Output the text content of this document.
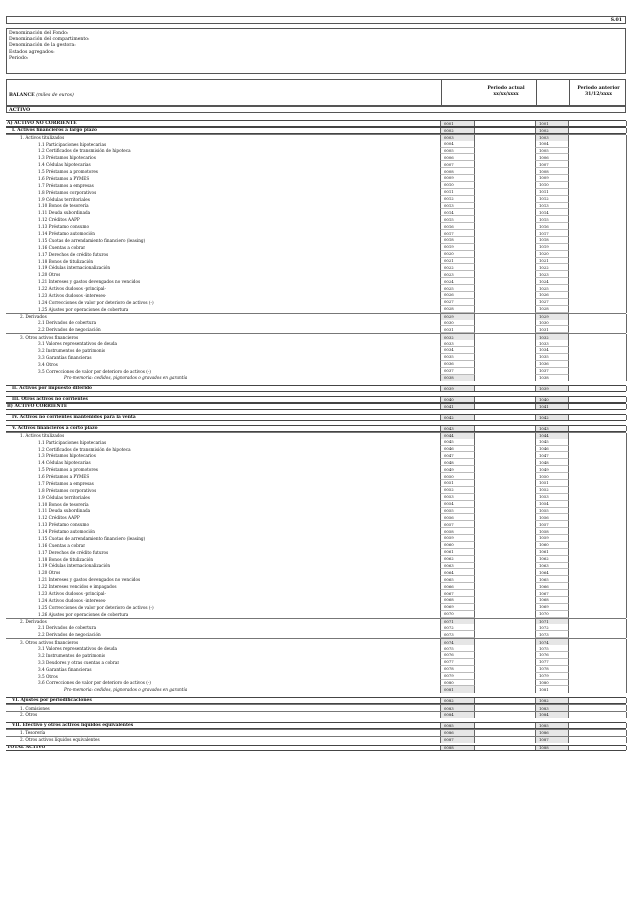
S.01
Denominación del Fondo:
Denominación del compartimento:
Denominación de la gestora:
Estados agregados:
Periodo:
BALANCE (miles de euros)
Periodo actual
xx/xx/xxxx
Periodo anterior
31/12/xxxx
ACTIVO
A) ACTIVO NO CORRIENTE	0001	1001
I. Activos financieros a largo plazo	0002	1002
1. Activos titulizados	0003	1003
1.1 Participaciones hipotecarias	0004	1004
1.2 Certificados de transmisión de hipoteca	0005	1005
1.3 Préstamos hipotecarios	0006	1006
1.4 Cédulas hipotecarias	0007	1007
1.5 Préstamos a promotores	0008	1008
1.6 Préstamos a PYMES	0009	1009
1.7 Préstamos a empresas	0010	1010
1.8 Préstamos corporativos	0011	1011
1.9 Cédulas territoriales	0012	1012
1.10 Bonos de tesorería	0013	1013
1.11 Deuda subordinada	0014	1014
1.12 Créditos AAPP	0015	1015
1.13 Préstamo consumo	0016	1016
1.14 Préstamo automoción	0017	1017
1.15 Cuotas de arrendamiento financiero (leasing)	0018	1018
1.16 Cuentas a cobrar	0019	1019
1.17 Derechos de crédito futuros	0020	1020
1.18 Bonos de titulización	0021	1021
1.19 Cédulas internacionalización	0022	1022
1.20 Otros	0023	1023
1.21 Intereses y gastos devengados no vencidos	0024	1024
1.22 Activos dudosos -principal-	0025	1025
1.23 Activos dudosos -intereses-	0026	1026
1.24 Correcciones de valor por deterioro de activos (-)	0027	1027
1.25 Ajustes por operaciones de cobertura	0028	1028
2. Derivados	0029	1029
2.1 Derivados de cobertura	0030	1030
2.2 Derivados de negociación	0031	1031
3. Otros activos financieros	0032	1032
3.1 Valores representativos de deuda	0033	1033
3.2 Instrumentos de patrimonio	0034	1034
3.3 Garantías financieras	0035	1035
3.4 Otros	0036	1036
3.5 Correcciones de valor por deterioro de activos (-)	0037	1037
Pro-memoria: cedidos, pignorados o gravados en garantía	0038	1038
II. Activos por impuesto diferido	0039	1039
III. Otros activos no corrientes	0040	1040
B) ACTIVO CORRIENTE	0041	1041
IV. Activos no corrientes mantenidos para la venta	0042	1042
V. Activos financieros a corto plazo	0043	1043
1. Activos titulizados	0044	1044
1.1 Participaciones hipotecarias	0045	1045
1.2 Certificados de transmisión de hipoteca	0046	1046
1.3 Préstamos hipotecarios	0047	1047
1.4 Cédulas hipotecarias	0048	1048
1.5 Préstamos a promotores	0049	1049
1.6 Préstamos a PYMES	0050	1050
1.7 Préstamos a empresas	0051	1051
1.8 Préstamos corporativos	0052	1052
1.9 Cédulas territoriales	0053	1053
1.10 Bonos de tesorería	0054	1054
1.11 Deuda subordinada	0055	1055
1.12 Créditos AAPP	0056	1056
1.13 Préstamo consumo	0057	1057
1.14 Préstamo automoción	0058	1058
1.15 Cuotas de arrendamiento financiero (leasing)	0059	1059
1.16 Cuentas a cobrar	0060	1060
1.17 Derechos de crédito futuros	0061	1061
1.18 Bonos de titulización	0062	1062
1.19 Cédulas internacionalización	0063	1063
1.20 Otros	0064	1064
1.21 Intereses y gastos devengados no vencidos	0065	1065
1.22 Intereses vencidos e impagados	0066	1066
1.23 Activos dudosos -principal-	0067	1067
1.24 Activos dudosos -intereses-	0068	1068
1.25 Correcciones de valor por deterioro de activos (-)	0069	1069
1.26 Ajustes por operaciones de cobertura	0070	1070
2. Derivados	0071	1071
2.1 Derivados de cobertura	0072	1072
2.2 Derivados de negociación	0073	1073
3. Otros activos financieros	0074	1074
3.1 Valores representativos de deuda	0075	1075
3.2 Instrumentos de patrimonio	0076	1076
3.3 Deudores y otras cuentas a cobrar	0077	1077
3.4 Garantías financieras	0078	1078
3.5 Otros	0079	1079
3.6 Correcciones de valor por deterioro de activos (-)	0080	1080
Pro-memoria: cedidos, pignorados o gravados en garantía	0081	1081
VI. Ajustes por periodificaciones	0082	1082
1. Comisiones	0083	1083
2. Otros	0084	1084
VII. Efectivo y otros activos líquidos equivalentes	0085	1085
1. Tesorería	0086	1086
2. Otros activos líquidos equivalentes	0087	1087
TOTAL ACTIVO	0088	1088
